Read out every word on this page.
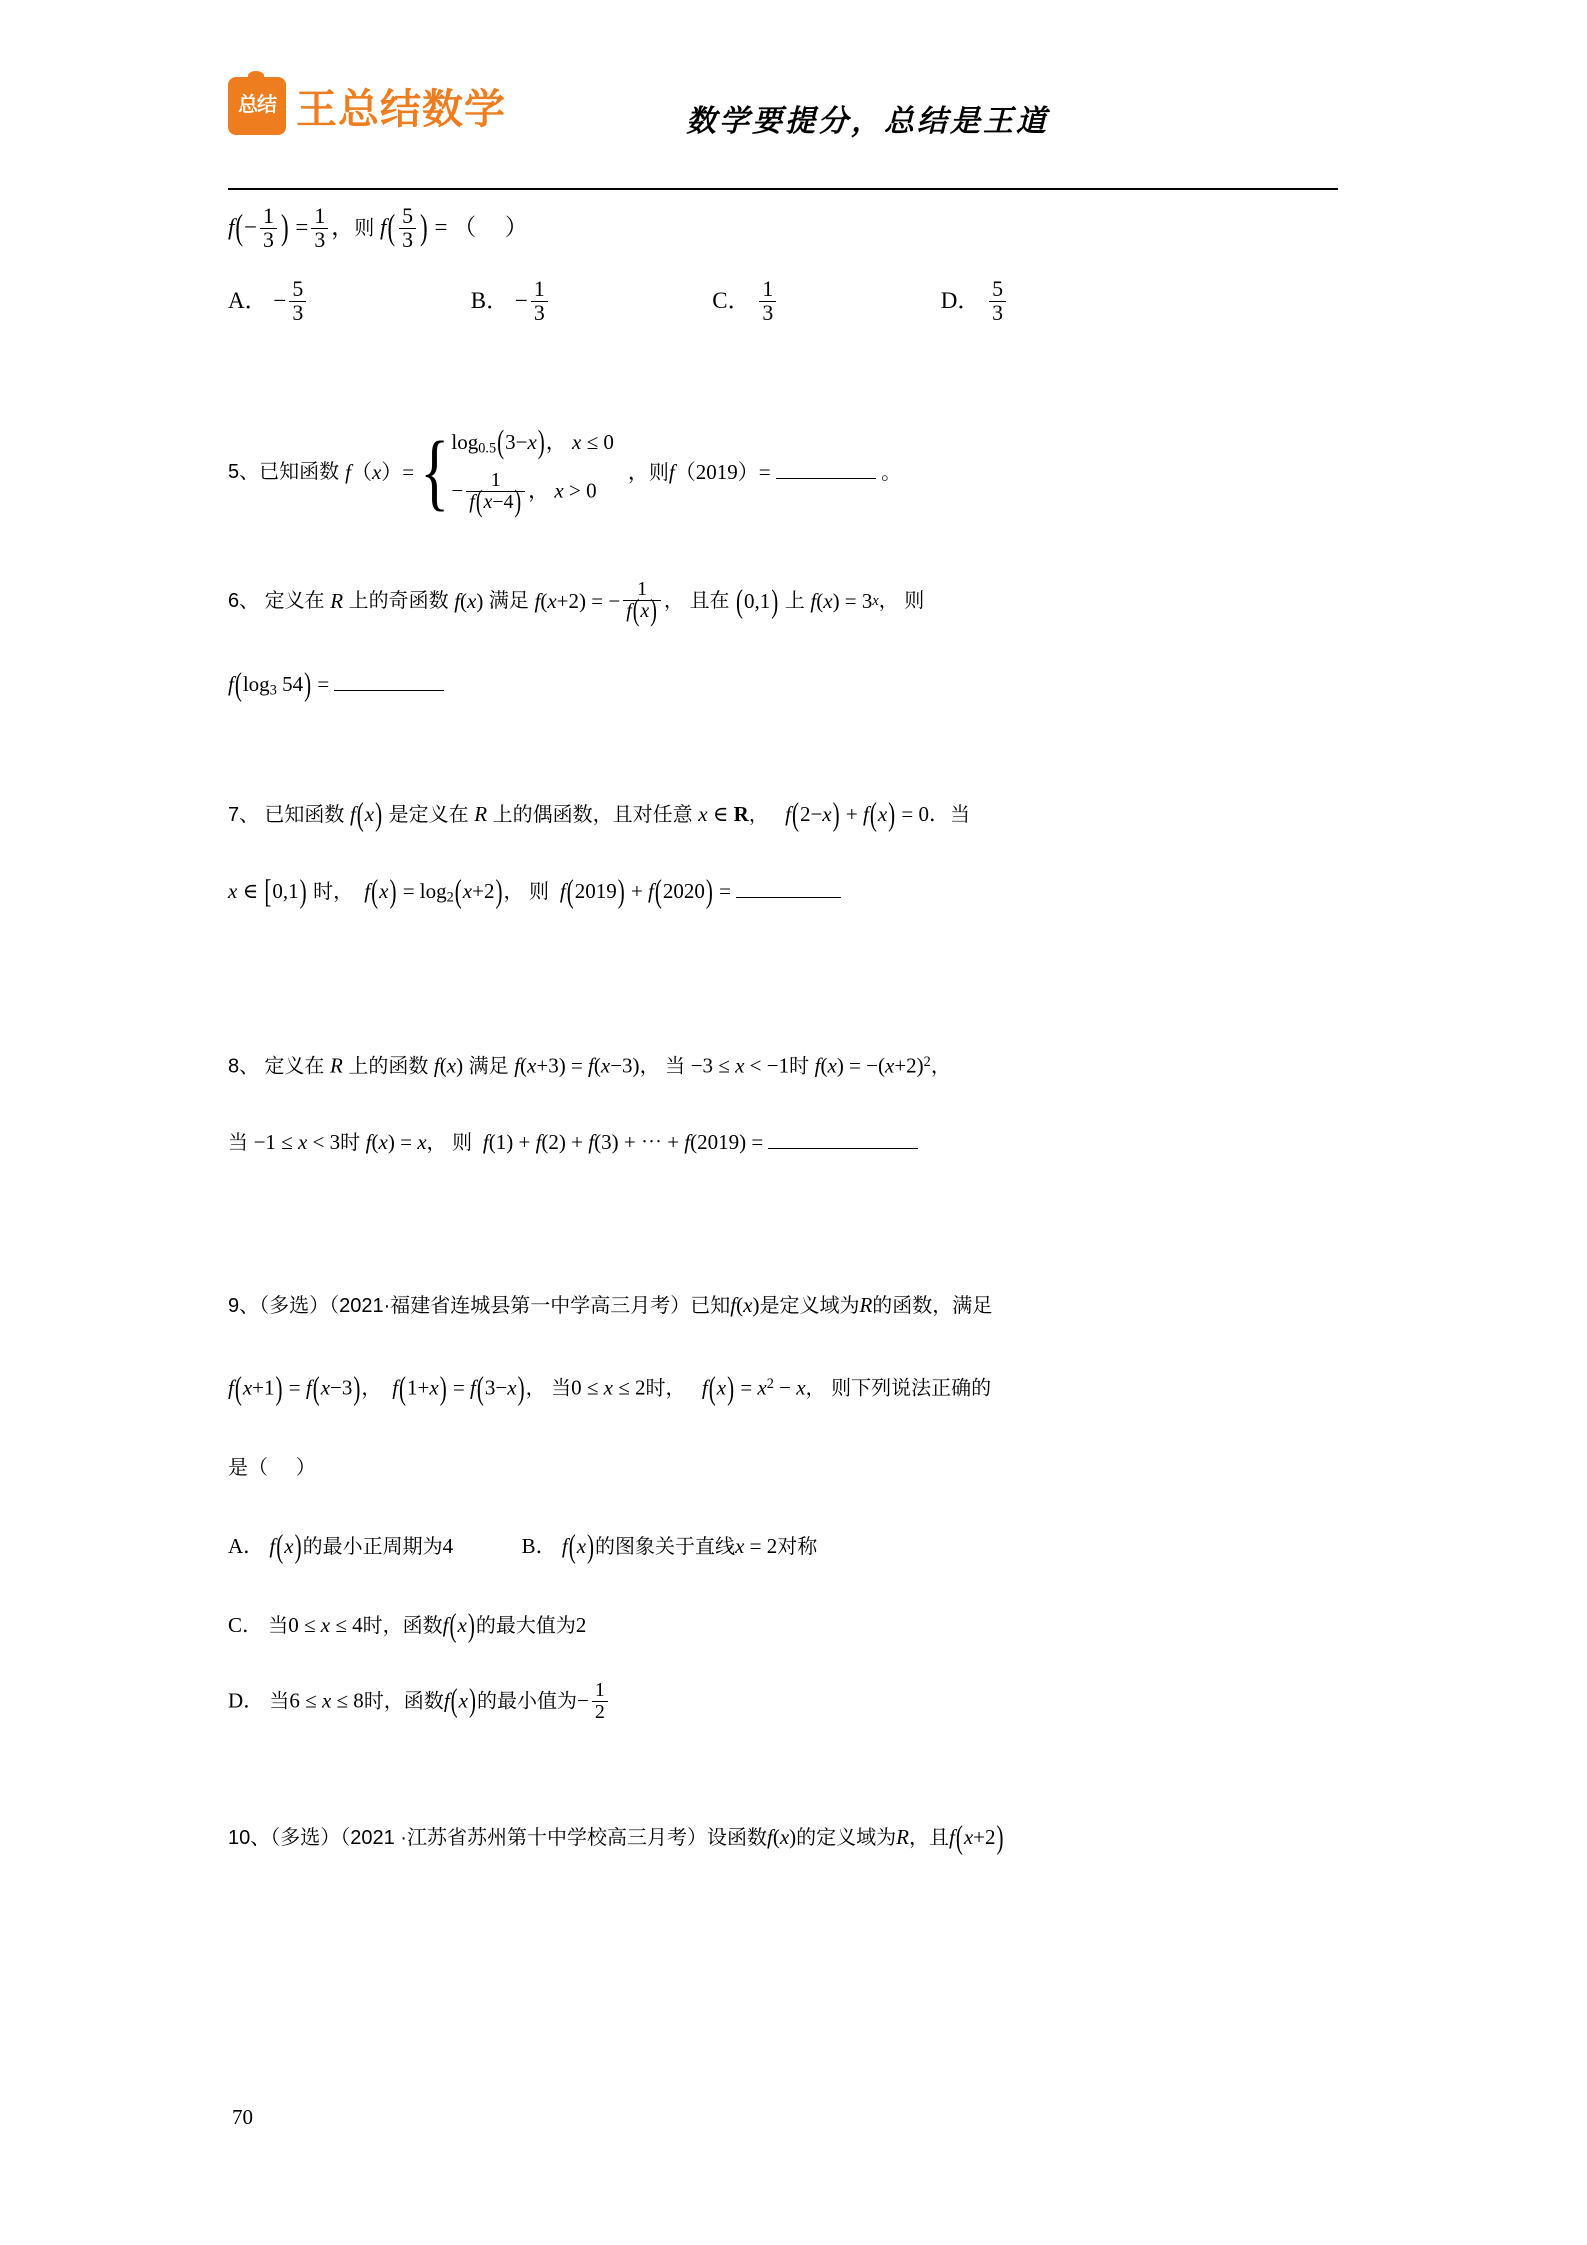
总结 王总结数学	数学要提分，总结是王道
$f(- \frac{1}{3}$ ) = $\frac{1}{3}$ ，则 $f( \frac{5}{3}$ ) = （     ）
A． − $\frac{5}{3}$	B． − $\frac{1}{3}$	C． $\frac{1}{3}$	D． $\frac{5}{3}$
5、 已知函数 f（x）= { $\log_{0.5}(3-x)$， x ≤ 0
− $\frac{1}{f(x-4)}$ ， x > 0
，则f（2019）=	。
6、 定义在 R 上的奇函数 f ( x ) 满足 f ( x +2) = − $\frac{1}{f(x)}$ ， 且在 ( 0,1 ) 上 f ( x ) = 3 x ， 则
$f(\log_3$ 54) =
7、 已知函数 f(x) 是定义在 R 上的偶函数，且对任意 x ∈ R，   f(2−x) + f(x) = 0．当
x ∈ [0,1) 时，  $f(x) = \log_2(x+2)$， 则  f(2019) + f(2020) =
8、 定义在 R 上的函数 f(x) 满足 f(x+3) = f(x−3)， 当 −3 ≤ x < −1时 $f(x) = -(x+2)^2$，
当 −1 ≤ x < 3时 f(x) = x， 则  f(1) + f(2) + f(3) + ⋯ + f(2019) =
9、（多选）（2021·福建省连城县第一中学高三月考）已知f(x)是定义域为R的函数，满足
f(x+1) = f(x−3)，  f(1+x) = f(3−x)， 当0 ≤ x ≤ 2时，   $f(x) = x^2 - x$， 则下列说法正确的
是（     ）
A． f(x)的最小正周期为4	B． f(x)的图象关于直线x = 2对称
C． 当0 ≤ x ≤ 4时，函数f(x)的最大值为2
D． 当6 ≤ x ≤ 8时，函数f(x)的最小值为− $\frac{1}{2}$
10、（多选）（2021 ·江苏省苏州第十中学校高三月考）设函数f(x)的定义域为R，且f(x+2)
70
